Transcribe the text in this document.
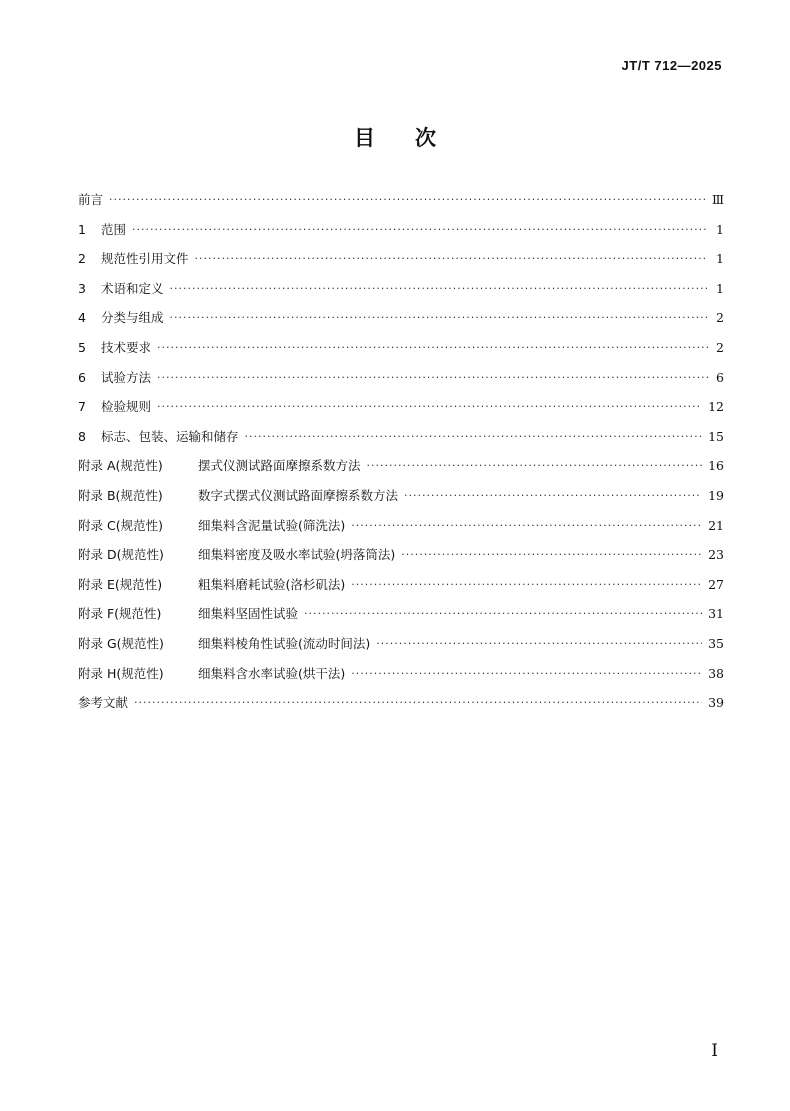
JT/T 712—2025
目次
前言 ·····	Ⅲ
1	范围 ·····	1
2	规范性引用文件 ·····	1
3	术语和定义 ·····	1
4	分类与组成 ·····	2
5	技术要求 ·····	2
6	试验方法 ·····	6
7	检验规则 ·····	12
8	标志、包装、运输和储存 ·····	15
附录 A(规范性)	摆式仪测试路面摩擦系数方法 ·····	16
附录 B(规范性)	数字式摆式仪测试路面摩擦系数方法 ·····	19
附录 C(规范性)	细集料含泥量试验(筛洗法) ·····	21
附录 D(规范性)	细集料密度及吸水率试验(坍落筒法) ·····	23
附录 E(规范性)	粗集料磨耗试验(洛杉矶法) ·····	27
附录 F(规范性)	细集料坚固性试验 ·····	31
附录 G(规范性)	细集料棱角性试验(流动时间法) ·····	35
附录 H(规范性)	细集料含水率试验(烘干法) ·····	38
参考文献 ·····	39
I
